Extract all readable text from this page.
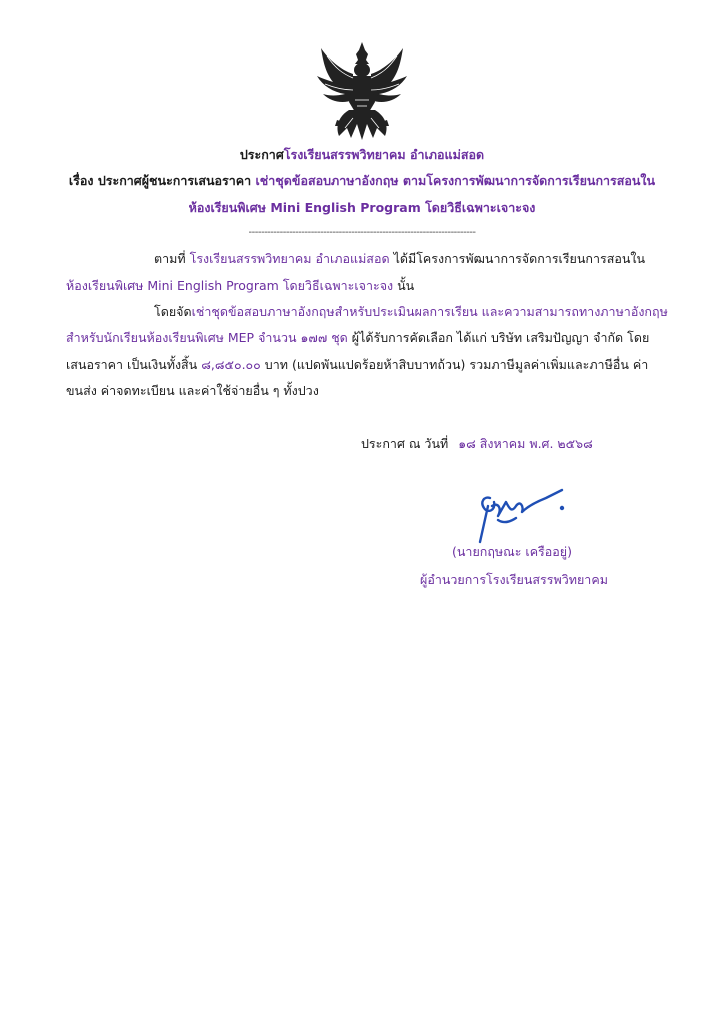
ประกาศโรงเรียนสรรพวิทยาคม อำเภอแม่สอด
เรื่อง ประกาศผู้ชนะการเสนอราคา เช่าชุดข้อสอบภาษาอังกฤษ ตามโครงการพัฒนาการจัดการเรียนการสอนใน
ห้องเรียนพิเศษ Mini English Program โดยวิธีเฉพาะเจาะจง
-------------------------------------------------------------------------
ตามที่ โรงเรียนสรรพวิทยาคม อำเภอแม่สอด ได้มีโครงการพัฒนาการจัดการเรียนการสอนใน
ห้องเรียนพิเศษ Mini English Program โดยวิธีเฉพาะเจาะจง นั้น
โดยจัดเช่าชุดข้อสอบภาษาอังกฤษสำหรับประเมินผลการเรียน และความสามารถทางภาษาอังกฤษ
สำหรับนักเรียนห้องเรียนพิเศษ MEP จำนวน ๑๗๗ ชุด ผู้ได้รับการคัดเลือก ได้แก่ บริษัท เสริมปัญญา จำกัด โดย
เสนอราคา เป็นเงินทั้งสิ้น ๘,๘๕๐.๐๐ บาท (แปดพันแปดร้อยห้าสิบบาทถ้วน) รวมภาษีมูลค่าเพิ่มและภาษีอื่น ค่า
ขนส่ง ค่าจดทะเบียน และค่าใช้จ่ายอื่น ๆ ทั้งปวง
ประกาศ ณ วันที่ ๑๘ สิงหาคม พ.ศ. ๒๕๖๘
(นายกฤษณะ เครืออยู่)
ผู้อำนวยการโรงเรียนสรรพวิทยาคม
